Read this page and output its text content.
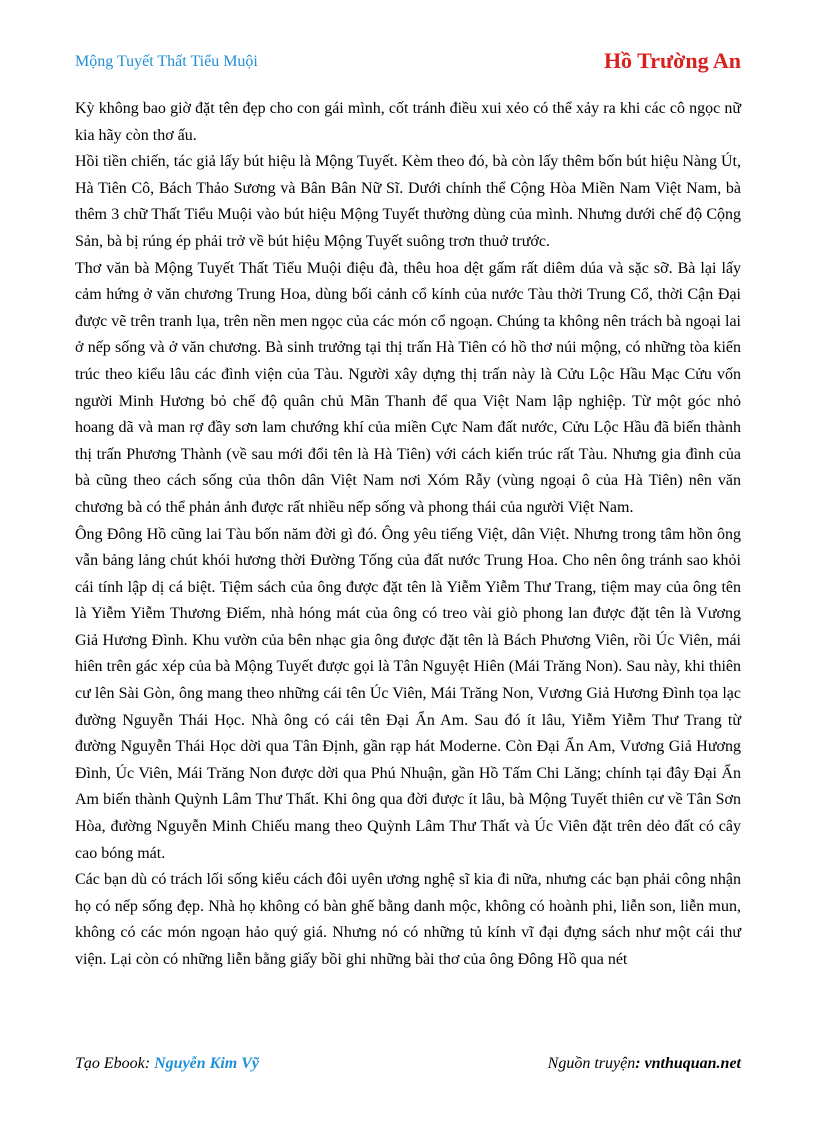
Mộng Tuyết Thất Tiểu Muội	Hồ Trường An

Kỳ không bao giờ đặt tên đẹp cho con gái mình, cốt tránh điều xui xẻo có thể xảy ra khi các cô ngọc nữ kia hãy còn thơ ấu.

Hồi tiền chiến, tác giả lấy bút hiệu là Mộng Tuyết. Kèm theo đó, bà còn lấy thêm bốn bút hiệu Nàng Út, Hà Tiên Cô, Bách Thảo Sương và Bân Bân Nữ Sĩ. Dưới chính thể Cộng Hòa Miền Nam Việt Nam, bà thêm 3 chữ Thất Tiểu Muội vào bút hiệu Mộng Tuyết thường dùng của mình. Nhưng dưới chế độ Cộng Sản, bà bị rúng ép phải trở về bút hiệu Mộng Tuyết suông trơn thuở trước.

Thơ văn bà Mộng Tuyết Thất Tiểu Muội điệu đà, thêu hoa dệt gấm rất diêm dúa và sặc sỡ. Bà lại lấy cảm hứng ở văn chương Trung Hoa, dùng bối cảnh cổ kính của nước Tàu thời Trung Cổ, thời Cận Đại được vẽ trên tranh lụa, trên nền men ngọc của các món cổ ngoạn. Chúng ta không nên trách bà ngoại lai ở nếp sống và ở văn chương. Bà sinh trưởng tại thị trấn Hà Tiên có hồ thơ núi mộng, có những tòa kiến trúc theo kiểu lâu các đình viện của Tàu. Người xây dựng thị trấn này là Cửu Lộc Hầu Mạc Cửu vốn người Minh Hương bỏ chế độ quân chủ Mãn Thanh để qua Việt Nam lập nghiệp. Từ một góc nhỏ hoang dã và man rợ đầy sơn lam chướng khí của miền Cực Nam đất nước, Cửu Lộc Hầu đã biến thành thị trấn Phương Thành (về sau mới đổi tên là Hà Tiên) với cách kiến trúc rất Tàu. Nhưng gia đình của bà cũng theo cách sống của thôn dân Việt Nam nơi Xóm Rẫy (vùng ngoại ô của Hà Tiên) nên văn chương bà có thể phản ảnh được rất nhiều nếp sống và phong thái của người Việt Nam.

Ông Đông Hồ cũng lai Tàu bốn năm đời gì đó. Ông yêu tiếng Việt, dân Việt. Nhưng trong tâm hồn ông vẫn bảng lảng chút khói hương thời Đường Tống của đất nước Trung Hoa. Cho nên ông tránh sao khỏi cái tính lập dị cá biệt. Tiệm sách của ông được đặt tên là Yiễm Yiễm Thư Trang, tiệm may của ông tên là Yiễm Yiễm Thương Điếm, nhà hóng mát của ông có treo vài giò phong lan được đặt tên là Vương Giả Hương Đình. Khu vườn của bên nhạc gia ông được đặt tên là Bách Phương Viên, rồi Úc Viên, mái hiên trên gác xép của bà Mộng Tuyết được gọi là Tân Nguyệt Hiên (Mái Trăng Non). Sau này, khi thiên cư lên Sài Gòn, ông mang theo những cái tên Úc Viên, Mái Trăng Non, Vương Giả Hương Đình tọa lạc đường Nguyễn Thái Học. Nhà ông có cái tên Đại Ẩn Am. Sau đó ít lâu, Yiễm Yiễm Thư Trang từ đường Nguyễn Thái Học dời qua Tân Định, gần rạp hát Moderne. Còn Đại Ẩn Am, Vương Giả Hương Đình, Úc Viên, Mái Trăng Non được dời qua Phú Nhuận, gần Hồ Tấm Chi Lăng; chính tại đây Đại Ẩn Am biến thành Quỳnh Lâm Thư Thất. Khi ông qua đời được ít lâu, bà Mộng Tuyết thiên cư về Tân Sơn Hòa, đường Nguyễn Minh Chiếu mang theo Quỳnh Lâm Thư Thất và Úc Viên đặt trên dẻo đất có cây cao bóng mát.

Các bạn dù có trách lối sống kiểu cách đôi uyên ương nghệ sĩ kia đi nữa, nhưng các bạn phải công nhận họ có nếp sống đẹp. Nhà họ không có bàn ghế bằng danh mộc, không có hoành phi, liễn son, liễn mun, không có các món ngoạn hảo quý giá. Nhưng nó có những tủ kính vĩ đại đựng sách như một cái thư viện. Lại còn có những liễn bằng giấy bồi ghi những bài thơ của ông Đông Hồ qua nét

Tạo Ebook: Nguyễn Kim Vỹ	Nguồn truyện: vnthuquan.net
